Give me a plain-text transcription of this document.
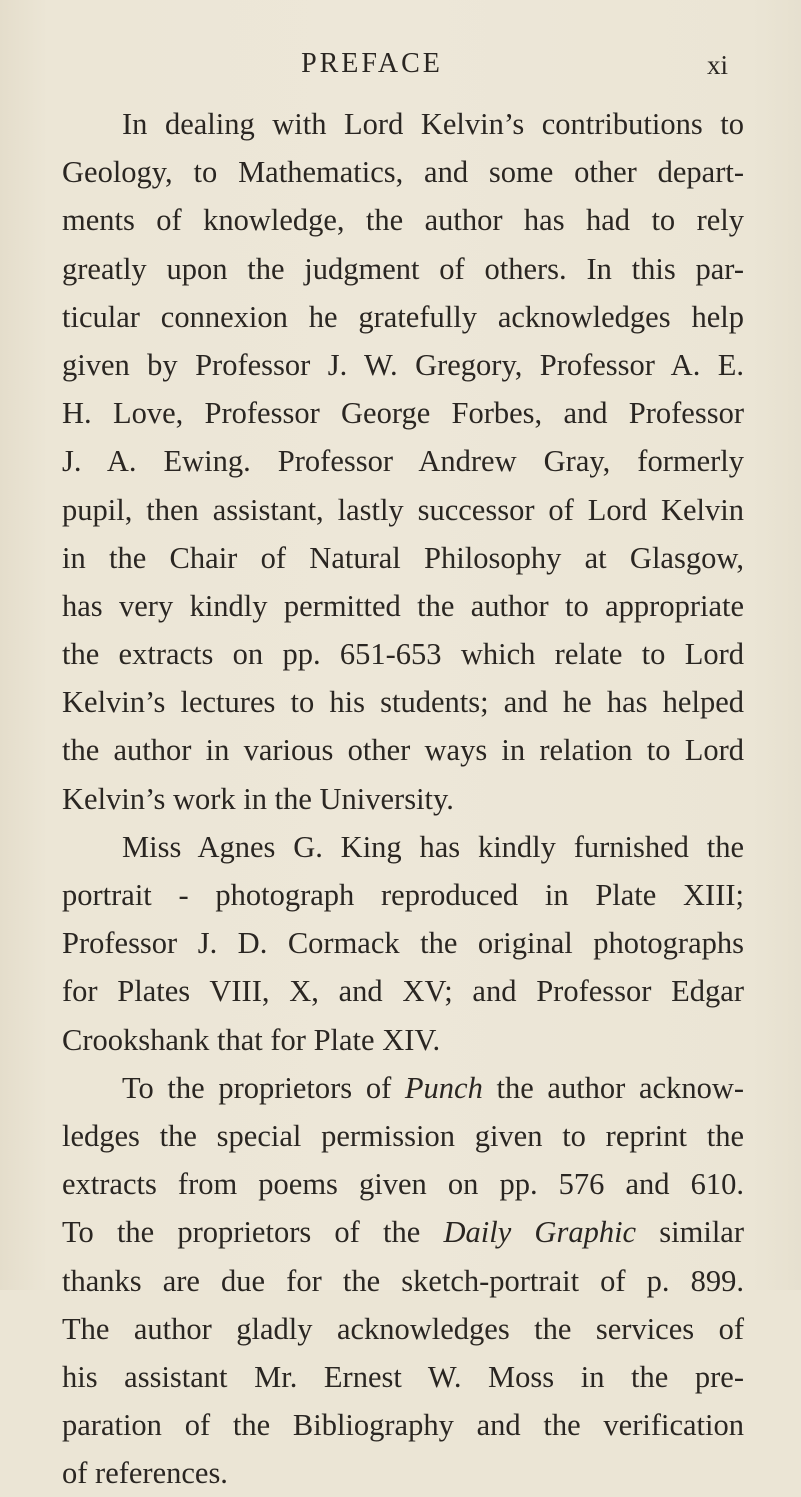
PREFACE	xi
In dealing with Lord Kelvin’s contributions to
Geology, to Mathematics, and some other depart-
ments of knowledge, the author has had to rely
greatly upon the judgment of others. In this par-
ticular connexion he gratefully acknowledges help
given by Professor J. W. Gregory, Professor A. E.
H. Love, Professor George Forbes, and Professor
J. A. Ewing. Professor Andrew Gray, formerly
pupil, then assistant, lastly successor of Lord Kelvin
in the Chair of Natural Philosophy at Glasgow,
has very kindly permitted the author to appropriate
the extracts on pp. 651-653 which relate to Lord
Kelvin’s lectures to his students; and he has helped
the author in various other ways in relation to Lord
Kelvin’s work in the University.
Miss Agnes G. King has kindly furnished the
portrait - photograph reproduced in Plate XIII;
Professor J. D. Cormack the original photographs
for Plates VIII, X, and XV; and Professor Edgar
Crookshank that for Plate XIV.
To the proprietors of Punch the author acknow-
ledges the special permission given to reprint the
extracts from poems given on pp. 576 and 610.
To the proprietors of the Daily Graphic similar
thanks are due for the sketch-portrait of p. 899.
The author gladly acknowledges the services of
his assistant Mr. Ernest W. Moss in the pre-
paration of the Bibliography and the verification
of references.
